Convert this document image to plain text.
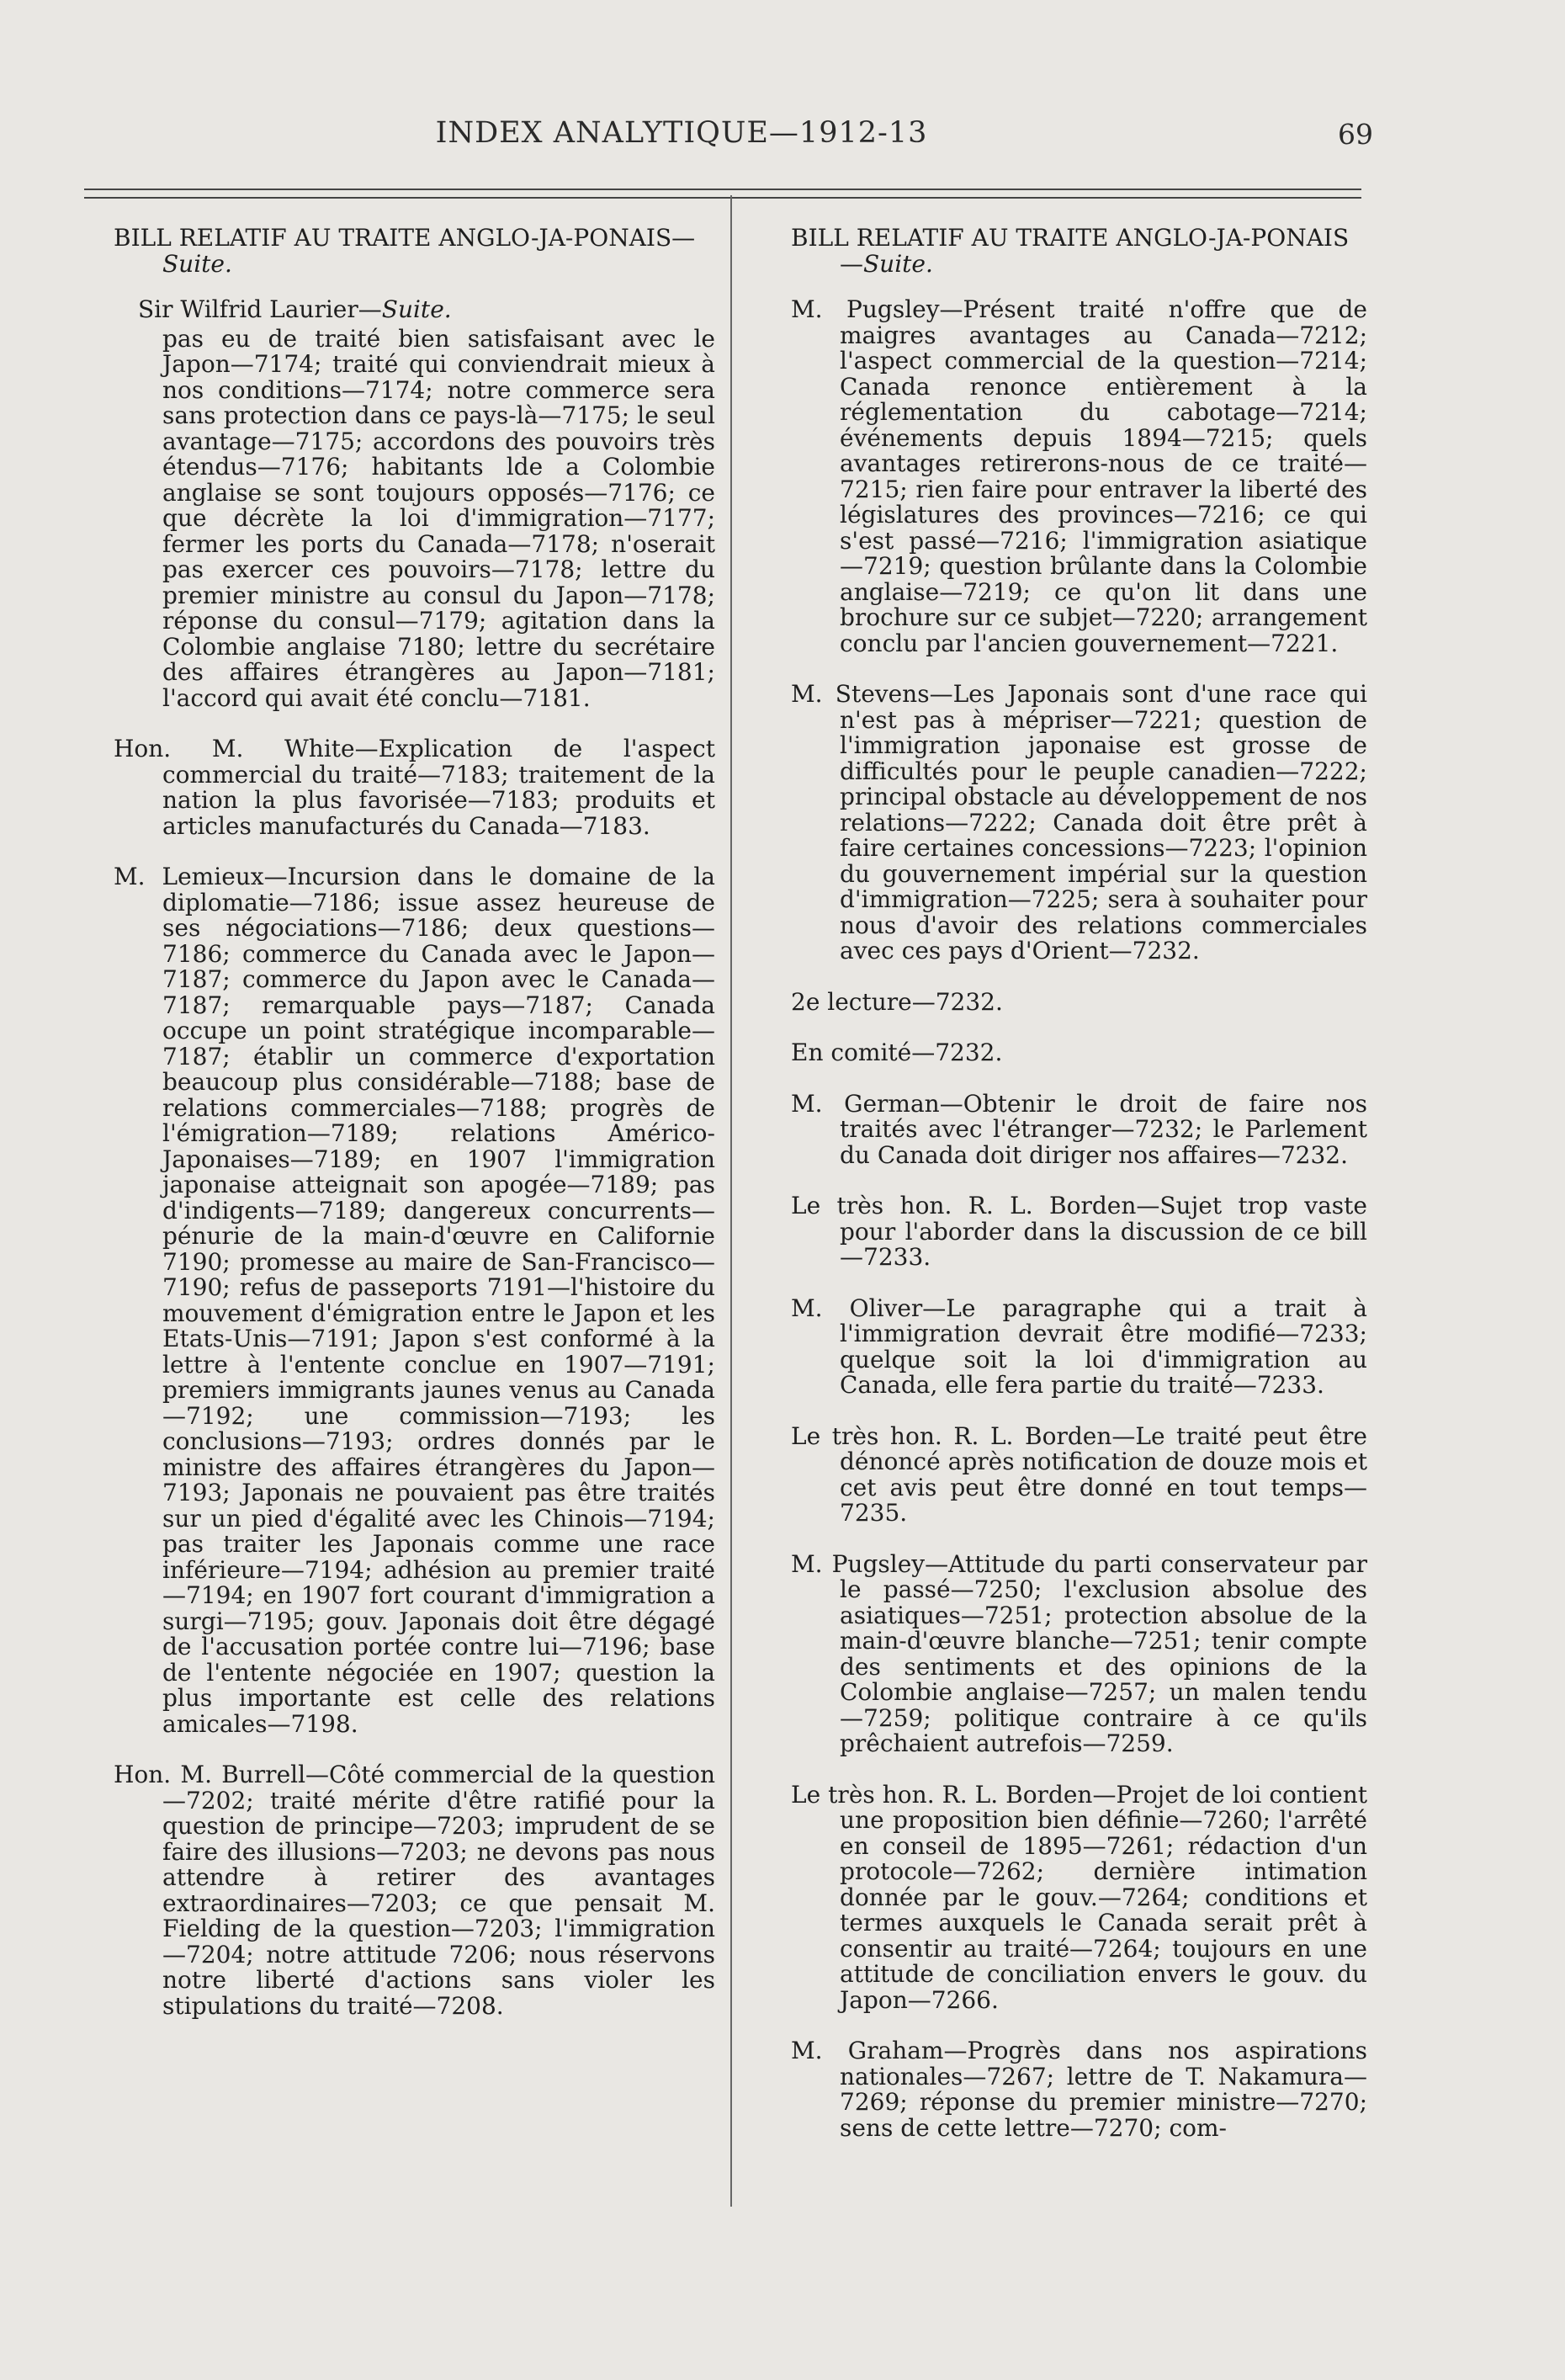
INDEX ANALYTIQUE—1912-13	69
BILL RELATIF AU TRAITE ANGLO-JA-PONAIS—Suite.
Sir Wilfrid Laurier—Suite.
pas eu de traité bien satisfaisant avec le Japon—7174; traité qui conviendrait mieux à nos conditions—7174; notre commerce sera sans protection dans ce pays-là—7175; le seul avantage—7175; accordons des pouvoirs très étendus—7176; habitants lde a Colombie anglaise se sont toujours opposés—7176; ce que décrète la loi d'immigration—7177; fermer les ports du Canada—7178; n'oserait pas exercer ces pouvoirs—7178; lettre du premier ministre au consul du Japon—7178; réponse du consul—7179; agitation dans la Colombie anglaise 7180; lettre du secrétaire des affaires étrangères au Japon—7181; l'accord qui avait été conclu—7181.
Hon. M. White—Explication de l'aspect commercial du traité—7183; traitement de la nation la plus favorisée—7183; produits et articles manufacturés du Canada—7183.
M. Lemieux—Incursion dans le domaine de la diplomatie—7186; issue assez heureuse de ses négociations—7186; deux questions—7186; commerce du Canada avec le Japon—7187; commerce du Japon avec le Canada—7187; remarquable pays—7187; Canada occupe un point stratégique incomparable—7187; établir un commerce d'exportation beaucoup plus considérable—7188; base de relations commerciales—7188; progrès de l'émigration—7189; relations Américo-Japonaises—7189; en 1907 l'immigration japonaise atteignait son apogée—7189; pas d'indigents—7189; dangereux concurrents—pénurie de la main-d'œuvre en Californie 7190; promesse au maire de San-Francisco—7190; refus de passeports 7191—l'histoire du mouvement d'émigration entre le Japon et les Etats-Unis—7191; Japon s'est conformé à la lettre à l'entente conclue en 1907—7191; premiers immigrants jaunes venus au Canada—7192; une commission—7193; les conclusions—7193; ordres donnés par le ministre des affaires étrangères du Japon—7193; Japonais ne pouvaient pas être traités sur un pied d'égalité avec les Chinois—7194; pas traiter les Japonais comme une race inférieure—7194; adhésion au premier traité—7194; en 1907 fort courant d'immigration a surgi—7195; gouv. Japonais doit être dégagé de l'accusation portée contre lui—7196; base de l'entente négociée en 1907; question la plus importante est celle des relations amicales—7198.
Hon. M. Burrell—Côté commercial de la question—7202; traité mérite d'être ratifié pour la question de principe—7203; imprudent de se faire des illusions—7203; ne devons pas nous attendre à retirer des avantages extraordinaires—7203; ce que pensait M. Fielding de la question—7203; l'immigration—7204; notre attitude 7206; nous réservons notre liberté d'actions sans violer les stipulations du traité—7208.
BILL RELATIF AU TRAITE ANGLO-JA-PONAIS—Suite.
M. Pugsley—Présent traité n'offre que de maigres avantages au Canada—7212; l'aspect commercial de la question—7214; Canada renonce entièrement à la réglementation du cabotage—7214; événements depuis 1894—7215; quels avantages retirerons-nous de ce traité—7215; rien faire pour entraver la liberté des législatures des provinces—7216; ce qui s'est passé—7216; l'immigration asiatique—7219; question brûlante dans la Colombie anglaise—7219; ce qu'on lit dans une brochure sur ce subjet—7220; arrangement conclu par l'ancien gouvernement—7221.
M. Stevens—Les Japonais sont d'une race qui n'est pas à mépriser—7221; question de l'immigration japonaise est grosse de difficultés pour le peuple canadien—7222; principal obstacle au développement de nos relations—7222; Canada doit être prêt à faire certaines concessions—7223; l'opinion du gouvernement impérial sur la question d'immigration—7225; sera à souhaiter pour nous d'avoir des relations commerciales avec ces pays d'Orient—7232.
2e lecture—7232.
En comité—7232.
M. German—Obtenir le droit de faire nos traités avec l'étranger—7232; le Parlement du Canada doit diriger nos affaires—7232.
Le très hon. R. L. Borden—Sujet trop vaste pour l'aborder dans la discussion de ce bill—7233.
M. Oliver—Le paragraphe qui a trait à l'immigration devrait être modifié—7233; quelque soit la loi d'immigration au Canada, elle fera partie du traité—7233.
Le très hon. R. L. Borden—Le traité peut être dénoncé après notification de douze mois et cet avis peut être donné en tout temps—7235.
M. Pugsley—Attitude du parti conservateur par le passé—7250; l'exclusion absolue des asiatiques—7251; protection absolue de la main-d'œuvre blanche—7251; tenir compte des sentiments et des opinions de la Colombie anglaise—7257; un malen tendu—7259; politique contraire à ce qu'ils prêchaient autrefois—7259.
Le très hon. R. L. Borden—Projet de loi contient une proposition bien définie—7260; l'arrêté en conseil de 1895—7261; rédaction d'un protocole—7262; dernière intimation donnée par le gouv.—7264; conditions et termes auxquels le Canada serait prêt à consentir au traité—7264; toujours en une attitude de conciliation envers le gouv. du Japon—7266.
M. Graham—Progrès dans nos aspirations nationales—7267; lettre de T. Nakamura—7269; réponse du premier ministre—7270; sens de cette lettre—7270; com-
